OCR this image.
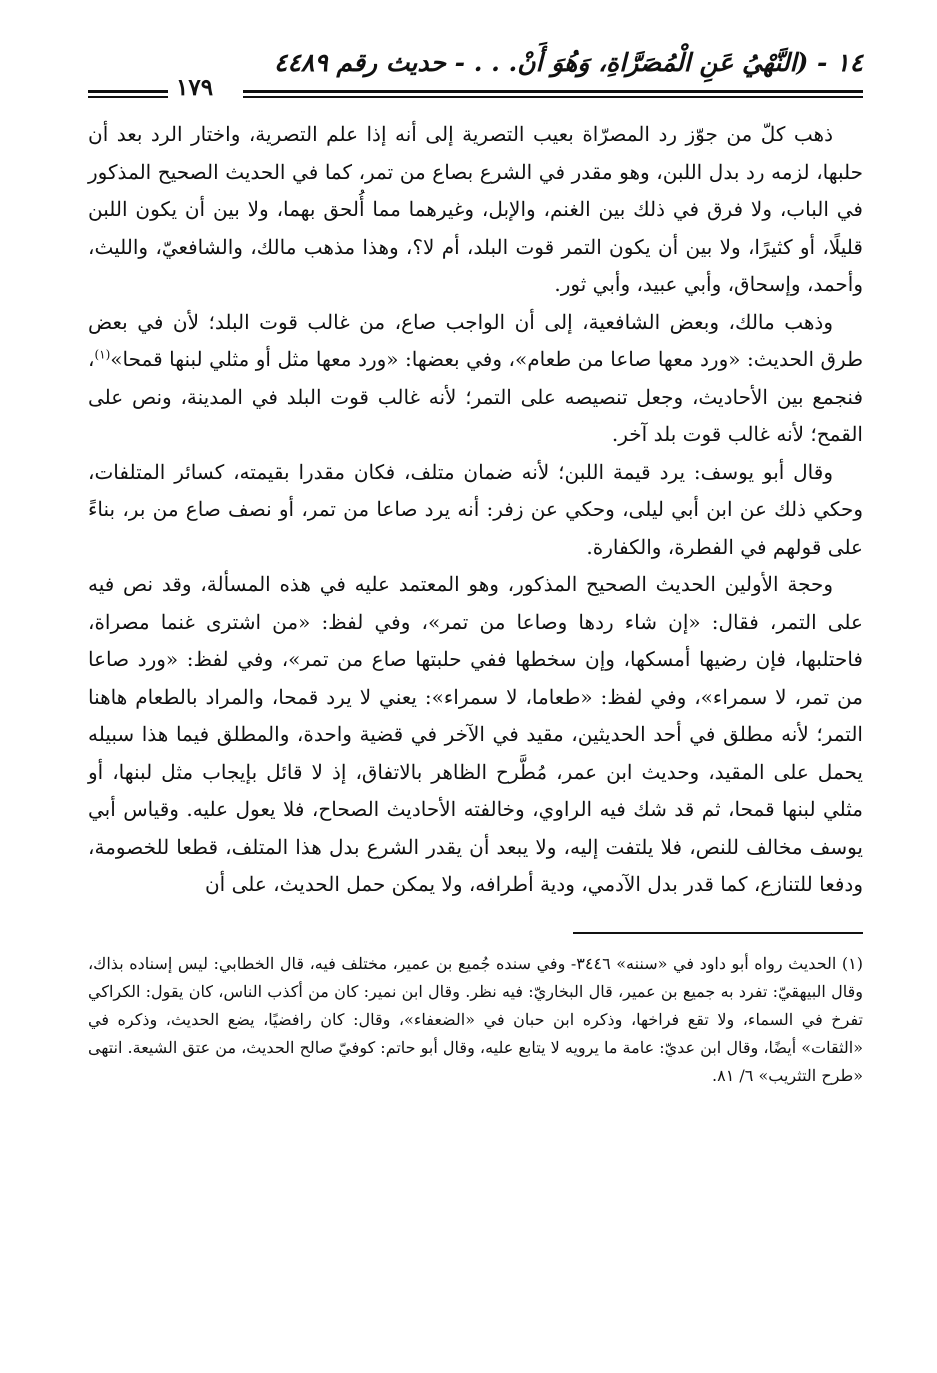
١٤ - (النَّهْيُ عَنِ الْمُصَرَّاةِ، وَهُوَ أَنْ. . . - حديث رقم ٤٤٨٩
١٧٩

ذهب كلّ من جوّز رد المصرّاة بعيب التصرية إلى أنه إذا علم التصرية، واختار الرد بعد أن حلبها، لزمه رد بدل اللبن، وهو مقدر في الشرع بصاع من تمر، كما في الحديث الصحيح المذكور في الباب، ولا فرق في ذلك بين الغنم، والإبل، وغيرهما مما أُلحق بهما، ولا بين أن يكون اللبن قليلًا، أو كثيرًا، ولا بين أن يكون التمر قوت البلد، أم لا؟، وهذا مذهب مالك، والشافعيّ، والليث، وأحمد، وإسحاق، وأبي عبيد، وأبي ثور.

وذهب مالك، وبعض الشافعية، إلى أن الواجب صاع، من غالب قوت البلد؛ لأن في بعض طرق الحديث: «ورد معها صاعا من طعام»، وفي بعضها: «ورد معها مثل أو مثلي لبنها قمحا»$^{(١)}$، فنجمع بين الأحاديث، وجعل تنصيصه على التمر؛ لأنه غالب قوت البلد في المدينة، ونص على القمح؛ لأنه غالب قوت بلد آخر.

وقال أبو يوسف: يرد قيمة اللبن؛ لأنه ضمان متلف، فكان مقدرا بقيمته، كسائر المتلفات، وحكي ذلك عن ابن أبي ليلى، وحكي عن زفر: أنه يرد صاعا من تمر، أو نصف صاع من بر، بناءً على قولهم في الفطرة، والكفارة.

وحجة الأولين الحديث الصحيح المذكور، وهو المعتمد عليه في هذه المسألة، وقد نص فيه على التمر، فقال: «إن شاء ردها وصاعا من تمر»، وفي لفظ: «من اشترى غنما مصراة، فاحتلبها، فإن رضيها أمسكها، وإن سخطها ففي حلبتها صاع من تمر»، وفي لفظ: «ورد صاعا من تمر، لا سمراء»، وفي لفظ: «طعاما، لا سمراء»: يعني لا يرد قمحا، والمراد بالطعام هاهنا التمر؛ لأنه مطلق في أحد الحديثين، مقيد في الآخر في قضية واحدة، والمطلق فيما هذا سبيله يحمل على المقيد، وحديث ابن عمر، مُطَّرح الظاهر بالاتفاق، إذ لا قائل بإيجاب مثل لبنها، أو مثلي لبنها قمحا، ثم قد شك فيه الراوي، وخالفته الأحاديث الصحاح، فلا يعول عليه. وقياس أبي يوسف مخالف للنص، فلا يلتفت إليه، ولا يبعد أن يقدر الشرع بدل هذا المتلف، قطعا للخصومة، ودفعا للتنازع، كما قدر بدل الآدمي، ودية أطرافه، ولا يمكن حمل الحديث، على أن

(١) الحديث رواه أبو داود في «سننه» ٣٤٤٦- وفي سنده جُميع بن عمير، مختلف فيه، قال الخطابي: ليس إسناده بذاك، وقال البيهقيّ: تفرد به جميع بن عمير، قال البخاريّ: فيه نظر. وقال ابن نمير: كان من أكذب الناس، كان يقول: الكراكي تفرخ في السماء، ولا تقع فراخها، وذكره ابن حبان في «الضعفاء»، وقال: كان رافضيًا، يضع الحديث، وذكره في «الثقات» أيضًا، وقال ابن عديّ: عامة ما يرويه لا يتابع عليه، وقال أبو حاتم: كوفيّ صالح الحديث، من عتق الشيعة. انتهى «طرح التثريب» ٦/ ٨١.
